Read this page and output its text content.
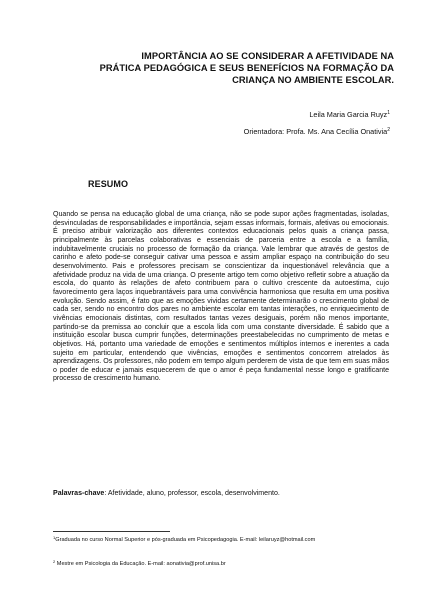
IMPORTÂNCIA AO SE CONSIDERAR A AFETIVIDADE NA
PRÁTICA PEDAGÓGICA E SEUS BENEFÍCIOS NA FORMAÇÃO DA
CRIANÇA NO AMBIENTE ESCOLAR.
Leila Maria Garcia Ruyz$^1$
Orientadora: Profa. Ms. Ana Cecília Onativia$^2$
RESUMO
Quando se pensa na educação global de uma criança, não se pode supor ações fragmentadas, isoladas, desvinculadas de responsabilidades e importância, sejam essas informais, formais, afetivas ou emocionais. É preciso atribuir valorização aos diferentes contextos educacionais pelos quais a criança passa, principalmente às parcelas colaborativas e essenciais de parceria entre a escola e a família, indubitavelmente cruciais no processo de formação da criança. Vale lembrar que através de gestos de carinho e afeto pode-se conseguir cativar uma pessoa e assim ampliar espaço na contribuição do seu desenvolvimento. Pais e professores precisam se conscientizar da inquestionável relevância que a afetividade produz na vida de uma criança. O presente artigo tem como objetivo refletir sobre a atuação da escola, do quanto às relações de afeto contribuem para o cultivo crescente da autoestima, cujo favorecimento gera laços inquebrantáveis para uma convivência harmoniosa que resulta em uma positiva evolução. Sendo assim, é fato que as emoções vividas certamente determinarão o crescimento global de cada ser, sendo no encontro dos pares no ambiente escolar em tantas interações, no enriquecimento de vivências emocionais distintas, com resultados tantas vezes desiguais, porém não menos importante, partindo-se da premissa ao concluir que a escola lida com uma constante diversidade. É sabido que a instituição escolar busca cumprir funções, determinações preestabelecidas no cumprimento de metas e objetivos. Há, portanto uma variedade de emoções e sentimentos múltiplos internos e inerentes a cada sujeito em particular, entendendo que vivências, emoções e sentimentos concorrem atrelados às aprendizagens. Os professores, não podem em tempo algum perderem de vista de que tem em suas mãos o poder de educar e jamais esquecerem de que o amor é peça fundamental nesse longo e gratificante processo de crescimento humano.
Palavras-chave: Afetividade, aluno, professor, escola, desenvolvimento.
$^1$Graduada no curso Normal Superior e pós-graduada em Psicopedagogia. E-mail: leilaruyz@hotmail.com
$^2$ Mestre em Psicologia da Educação. E-mail: aonativia@prof.unisa.br
